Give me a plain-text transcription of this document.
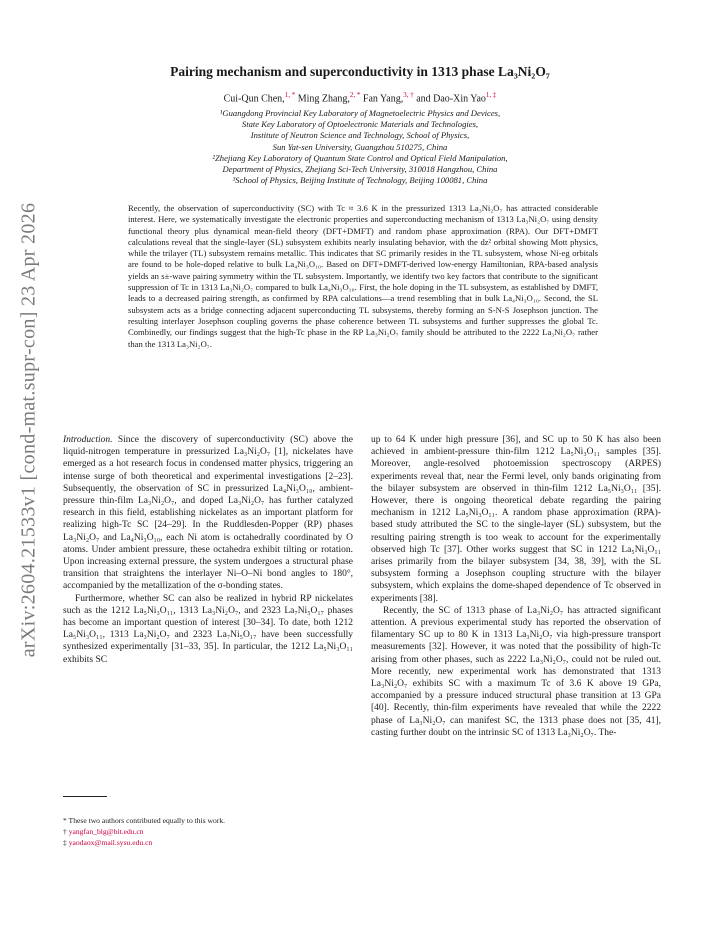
arXiv:2604.21533v1 [cond-mat.supr-con] 23 Apr 2026
Pairing mechanism and superconductivity in 1313 phase La₃Ni₂O₇
Cui-Qun Chen,$^{1, *}$ Ming Zhang,$^{2, *}$ Fan Yang,$^{3, \dagger}$ and Dao-Xin Yao$^{1, \ddagger}$
¹Guangdong Provincial Key Laboratory of Magnetoelectric Physics and Devices,
State Key Laboratory of Optoelectronic Materials and Technologies,
Institute of Neutron Science and Technology, School of Physics,
Sun Yat-sen University, Guangzhou 510275, China
²Zhejiang Key Laboratory of Quantum State Control and Optical Field Manipulation,
Department of Physics, Zhejiang Sci-Tech University, 310018 Hangzhou, China
³School of Physics, Beijing Institute of Technology, Beijing 100081, China
Recently, the observation of superconductivity (SC) with Tc ≈ 3.6 K in the pressurized 1313 La₃Ni₂O₇ has attracted considerable interest. Here, we systematically investigate the electronic properties and superconducting mechanism of 1313 La₃Ni₂O₇ using density functional theory plus dynamical mean-field theory (DFT+DMFT) and random phase approximation (RPA). Our DFT+DMFT calculations reveal that the single-layer (SL) subsystem exhibits nearly insulating behavior, with the dz² orbital showing Mott physics, while the trilayer (TL) subsystem remains metallic. This indicates that SC primarily resides in the TL subsystem, whose Ni-eg orbitals are found to be hole-doped relative to bulk La₄Ni₃O₁₀. Based on DFT+DMFT-derived low-energy Hamiltonian, RPA-based analysis yields an s±-wave pairing symmetry within the TL subsystem. Importantly, we identify two key factors that contribute to the significant suppression of Tc in 1313 La₃Ni₂O₇ compared to bulk La₄Ni₃O₁₀. First, the hole doping in the TL subsystem, as established by DMFT, leads to a decreased pairing strength, as confirmed by RPA calculations—a trend resembling that in bulk La₄Ni₃O₁₀. Second, the SL subsystem acts as a bridge connecting adjacent superconducting TL subsystems, thereby forming an S-N-S Josephson junction. The resulting interlayer Josephson coupling governs the phase coherence between TL subsystems and further suppresses the global Tc. Combinedly, our findings suggest that the high-Tc phase in the RP La₃Ni₂O₇ family should be attributed to the 2222 La₃Ni₂O₇ rather than the 1313 La₃Ni₂O₇.

Introduction. Since the discovery of superconductivity (SC) above the liquid-nitrogen temperature in pressurized La₃Ni₂O₇ [1], nickelates have emerged as a hot research focus in condensed matter physics, triggering an intense surge of both theoretical and experimental investigations [2–23]. Subsequently, the observation of SC in pressurized La₄Ni₃O₁₀, ambient-pressure thin-film La₃Ni₂O₇, and doped La₃Ni₂O₇ has further catalyzed research in this field, establishing nickelates as an important platform for realizing high-Tc SC [24–29]. In the Ruddlesden-Popper (RP) phases La₃Ni₂O₇ and La₄Ni₃O₁₀, each Ni atom is octahedrally coordinated by O atoms. Under ambient pressure, these octahedra exhibit tilting or rotation. Upon increasing external pressure, the system undergoes a structural phase transition that straightens the interlayer Ni–O–Ni bond angles to 180°, accompanied by the metallization of the σ-bonding states.

Furthermore, whether SC can also be realized in hybrid RP nickelates such as the 1212 La₅Ni₃O₁₁, 1313 La₃Ni₂O₇, and 2323 La₇Ni₅O₁₇ phases has become an important question of interest [30–34]. To date, both 1212 La₅Ni₃O₁₁, 1313 La₃Ni₂O₇ and 2323 La₇Ni₅O₁₇ have been successfully synthesized experimentally [31–33, 35]. In particular, the 1212 La₅Ni₃O₁₁ exhibits SC

up to 64 K under high pressure [36], and SC up to 50 K has also been achieved in ambient-pressure thin-film 1212 La₅Ni₃O₁₁ samples [35]. Moreover, angle-resolved photoemission spectroscopy (ARPES) experiments reveal that, near the Fermi level, only bands originating from the bilayer subsystem are observed in thin-film 1212 La₅Ni₃O₁₁ [35]. However, there is ongoing theoretical debate regarding the pairing mechanism in 1212 La₅Ni₃O₁₁. A random phase approximation (RPA)-based study attributed the SC to the single-layer (SL) subsystem, but the resulting pairing strength is too weak to account for the experimentally observed high Tc [37]. Other works suggest that SC in 1212 La₅Ni₃O₁₁ arises primarily from the bilayer subsystem [34, 38, 39], with the SL subsystem forming a Josephson coupling structure with the bilayer subsystem, which explains the dome-shaped dependence of Tc observed in experiments [38].

Recently, the SC of 1313 phase of La₃Ni₂O₇ has attracted significant attention. A previous experimental study has reported the observation of filamentary SC up to 80 K in 1313 La₃Ni₂O₇ via high-pressure transport measurements [32]. However, it was noted that the possibility of high-Tc arising from other phases, such as 2222 La₃Ni₂O₇, could not be ruled out. More recently, new experimental work has demonstrated that 1313 La₃Ni₂O₇ exhibits SC with a maximum Tc of 3.6 K above 19 GPa, accompanied by a pressure induced structural phase transition at 13 GPa [40]. Recently, thin-film experiments have revealed that while the 2222 phase of La₃Ni₂O₇ can manifest SC, the 1313 phase does not [35, 41], casting further doubt on the intrinsic SC of 1313 La₃Ni₂O₇. The-

* These two authors contributed equally to this work.
† yangfan_blg@bit.edu.cn
‡ yaodaox@mail.sysu.edu.cn
